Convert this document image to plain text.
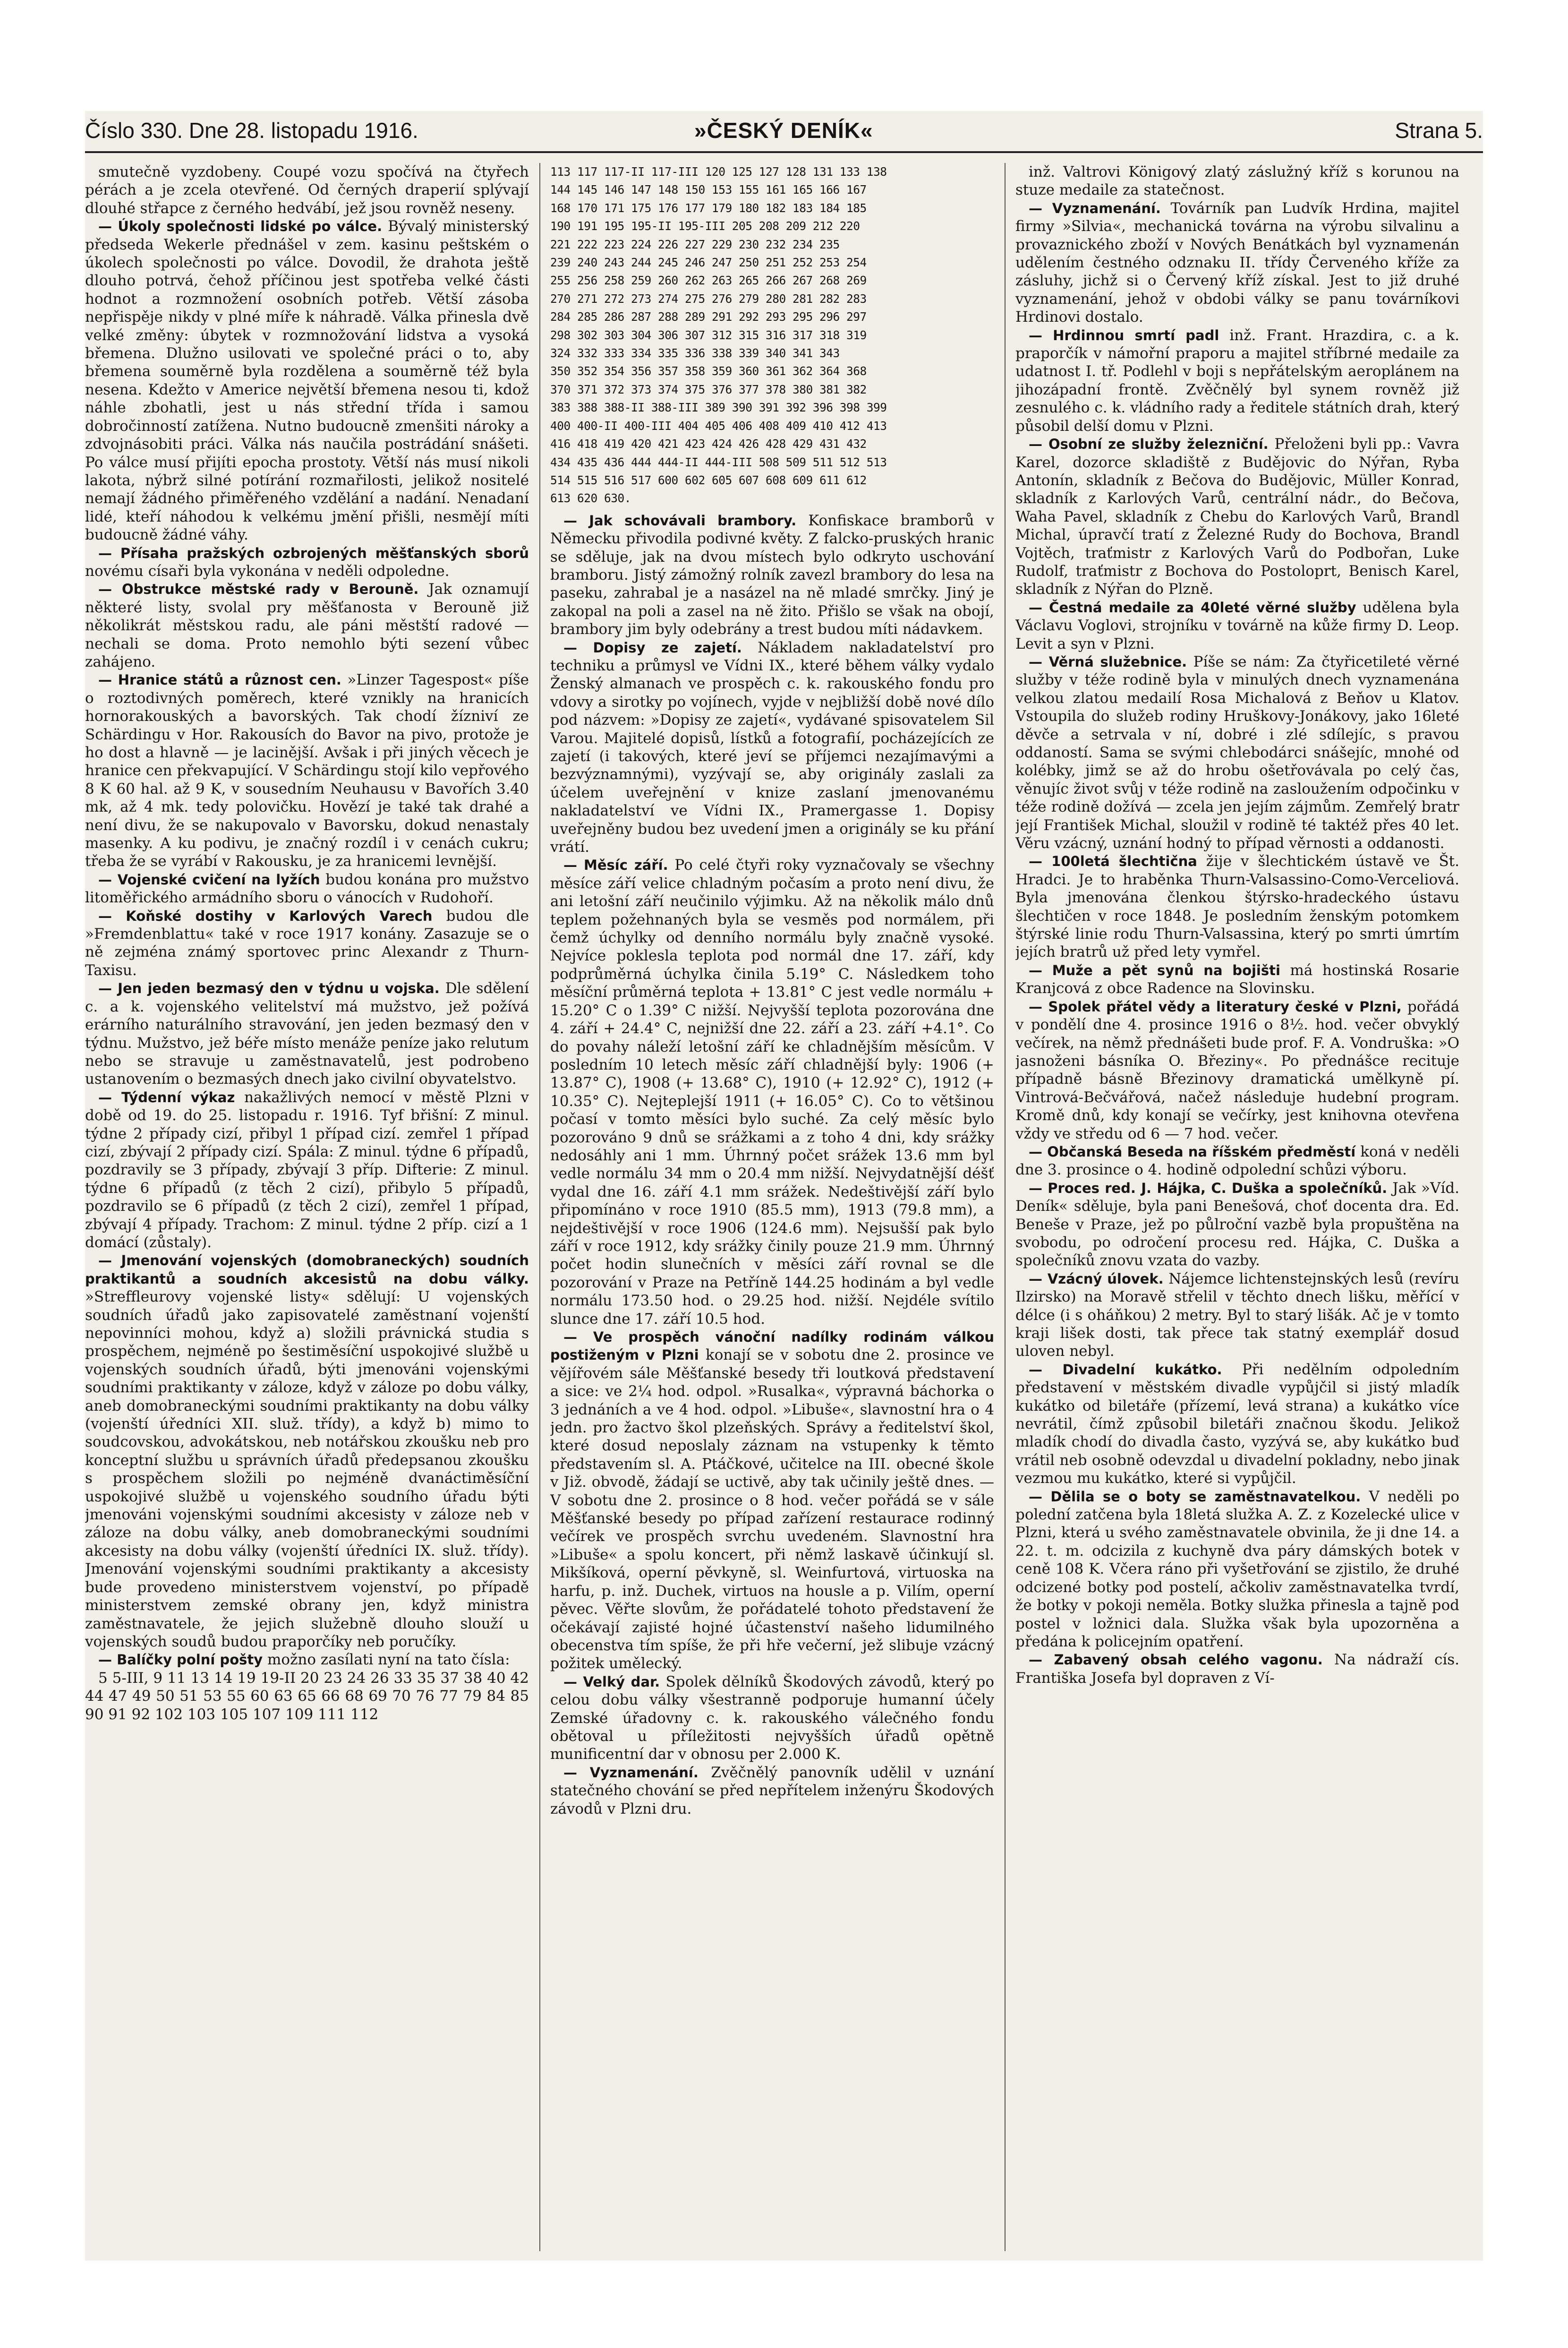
Číslo 330. Dne 28. listopadu 1916.	»ČESKÝ DENÍK«	Strana 5.

smutečně vyzdobeny. Coupé vozu spočívá na čtyřech pérách a je zcela otevřené. Od černých draperií splývají dlouhé střapce z černého hedvábí, jež jsou rovněž neseny.

— Úkoly společnosti lidské po válce. Bývalý ministerský předseda Wekerle přednášel v zem. kasinu peštském o úkolech společnosti po válce. Dovodil, že drahota ještě dlouho potrvá, čehož příčinou jest spotřeba velké části hodnot a rozmnožení osobních potřeb. Větší zásoba nepřispěje nikdy v plné míře k náhradě. Válka přinesla dvě velké změny: úbytek v rozmnožování lidstva a vysoká břemena. Dlužno usilovati ve společné práci o to, aby břemena souměrně byla rozdělena a souměrně též byla nesena. Kdežto v Americe největší břemena nesou ti, kdož náhle zbohatli, jest u nás střední třída i samou dobročinností zatížena. Nutno budoucně zmenšiti nároky a zdvojnásobiti práci. Válka nás naučila postrádání snášeti. Po válce musí přijíti epocha prostoty. Větší nás musí nikoli lakota, nýbrž silné potírání rozmařilosti, jelikož nositelé nemají žádného přiměřeného vzdělání a nadání. Nenadaní lidé, kteří náhodou k velkému jmění přišli, nesmějí míti budoucně žádné váhy.

— Přísaha pražských ozbrojených měšťanských sborů novému císaři byla vykonána v neděli odpoledne.

— Obstrukce městské rady v Berouně. Jak oznamují některé listy, svolal pry měšťanosta v Berouně již několikrát městskou radu, ale páni městští radové — nechali se doma. Proto nemohlo býti sezení vůbec zahájeno.

— Hranice států a různost cen. »Linzer Tagespost« píše o roztodivných poměrech, které vznikly na hranicích hornorakouských a bavorských. Tak chodí žízniví ze Schärdingu v Hor. Rakousích do Bavor na pivo, protože je ho dost a hlavně — je lacinější. Avšak i při jiných věcech je hranice cen překvapující. V Schärdingu stojí kilo vepřového 8 K 60 hal. až 9 K, v sousedním Neuhausu v Bavořích 3.40 mk, až 4 mk. tedy polovičku. Hovězí je také tak drahé a není divu, že se nakupovalo v Bavorsku, dokud nenastaly masenky. A ku podivu, je značný rozdíl i v cenách cukru; třeba že se vyrábí v Rakousku, je za hranicemi levnější.

— Vojenské cvičení na lyžích budou konána pro mužstvo litoměřického armádního sboru o vánocích v Rudohoří.

— Koňské dostihy v Karlových Varech budou dle »Fremdenblattu« také v roce 1917 konány. Zasazuje se o ně zejména známý sportovec princ Alexandr z Thurn-Taxisu.

— Jen jeden bezmasý den v týdnu u vojska. Dle sdělení c. a k. vojenského velitelství má mužstvo, jež požívá erárního naturálního stravování, jen jeden bezmasý den v týdnu. Mužstvo, jež béře místo menáže peníze jako relutum nebo se stravuje u zaměstnavatelů, jest podrobeno ustanovením o bezmasých dnech jako civilní obyvatelstvo.

— Týdenní výkaz nakažlivých nemocí v městě Plzni v době od 19. do 25. listopadu r. 1916. Tyf břišní: Z minul. týdne 2 případy cizí, přibyl 1 případ cizí. zemřel 1 případ cizí, zbývají 2 případy cizí. Spála: Z minul. týdne 6 případů, pozdravily se 3 případy, zbývají 3 příp. Difterie: Z minul. týdne 6 případů (z těch 2 cizí), přibylo 5 případů, pozdravilo se 6 případů (z těch 2 cizí), zemřel 1 případ, zbývají 4 případy. Trachom: Z minul. týdne 2 příp. cizí a 1 domácí (zůstaly).

— Jmenování vojenských (domobraneckých) soudních praktikantů a soudních akcesistů na dobu války. »Streffleurovy vojenské listy« sdělují: U vojenských soudních úřadů jako zapisovatelé zaměstnaní vojenští nepovinníci mohou, když a) složili právnická studia s prospěchem, nejméně po šestiměsíční uspokojivé službě u vojenských soudních úřadů, býti jmenováni vojenskými soudními praktikanty v záloze, když v záloze po dobu války, aneb domobraneckými soudními praktikanty na dobu války (vojenští úředníci XII. služ. třídy), a když b) mimo to soudcovskou, advokátskou, neb notářskou zkoušku neb pro konceptní službu u správních úřadů předepsanou zkoušku s prospěchem složili po nejméně dvanáctiměsíční uspokojivé službě u vojenského soudního úřadu býti jmenováni vojenskými soudními akcesisty v záloze neb v záloze na dobu války, aneb domobraneckými soudními akcesisty na dobu války (vojenští úředníci IX. služ. třídy). Jmenování vojenskými soudními praktikanty a akcesisty bude provedeno ministerstvem vojenství, po případě ministerstvem zemské obrany jen, když ministra zaměstnavatele, že jejich služebně dlouho slouží u vojenských soudů budou praporčíky neb poručíky.

— Balíčky polní pošty možno zasílati nyní na tato čísla:

5 5-III, 9 11 13 14 19 19-II 20 23 24 26 33 35 37 38 40 42 44 47 49 50 51 53 55 60 63 65 66 68 69 70 76 77 79 84 85 90 91 92 102 103 105 107 109 111 112

113 117 117-II 117-III 120 125 127 128 131 133 138
144 145 146 147 148 150 153 155 161 165 166 167
168 170 171 175 176 177 179 180 182 183 184 185
190 191 195 195-II 195-III 205 208 209 212 220
221 222 223 224 226 227 229 230 232 234 235
239 240 243 244 245 246 247 250 251 252 253 254
255 256 258 259 260 262 263 265 266 267 268 269
270 271 272 273 274 275 276 279 280 281 282 283
284 285 286 287 288 289 291 292 293 295 296 297
298 302 303 304 306 307 312 315 316 317 318 319
324 332 333 334 335 336 338 339 340 341 343
350 352 354 356 357 358 359 360 361 362 364 368
370 371 372 373 374 375 376 377 378 380 381 382
383 388 388-II 388-III 389 390 391 392 396 398 399
400 400-II 400-III 404 405 406 408 409 410 412 413
416 418 419 420 421 423 424 426 428 429 431 432
434 435 436 444 444-II 444-III 508 509 511 512 513
514 515 516 517 600 602 605 607 608 609 611 612
613 620 630.

— Jak schovávali brambory. Konfiskace bramborů v Německu přivodila podivné květy. Z falcko-pruských hranic se sděluje, jak na dvou místech bylo odkryto uschování bramboru. Jistý zámožný rolník zavezl brambory do lesa na paseku, zahrabal je a nasázel na ně mladé smrčky. Jiný je zakopal na poli a zasel na ně žito. Přišlo se však na obojí, brambory jim byly odebrány a trest budou míti nádavkem.

— Dopisy ze zajetí. Nákladem nakladatelství pro techniku a průmysl ve Vídni IX., které během války vydalo Ženský almanach ve prospěch c. k. rakouského fondu pro vdovy a sirotky po vojínech, vyjde v nejbližší době nové dílo pod názvem: »Dopisy ze zajetí«, vydávané spisovatelem Sil Varou. Majitelé dopisů, lístků a fotografií, pocházejících ze zajetí (i takových, které jeví se příjemci nezajímavými a bezvýznamnými), vyzývají se, aby originály zaslali za účelem uveřejnění v knize zaslaní jmenovanému nakladatelství ve Vídni IX., Pramergasse 1. Dopisy uveřejněny budou bez uvedení jmen a originály se ku přání vrátí.

— Měsíc září. Po celé čtyři roky vyznačovaly se všechny měsíce září velice chladným počasím a proto není divu, že ani letošní září neučinilo výjimku. Až na několik málo dnů teplem požehnaných byla se vesměs pod normálem, při čemž úchylky od denního normálu byly značně vysoké. Nejvíce poklesla teplota pod normál dne 17. září, kdy podprůměrná úchylka činila 5.19° C. Následkem toho měsíční průměrná teplota + 13.81° C jest vedle normálu + 15.20° C o 1.39° C nižší. Nejvyšší teplota pozorována dne 4. září + 24.4° C, nejnižší dne 22. září a 23. září +4.1°. Co do povahy náleží letošní září ke chladnějším měsícům. V posledním 10 letech měsíc září chladnější byly: 1906 (+ 13.87° C), 1908 (+ 13.68° C), 1910 (+ 12.92° C), 1912 (+ 10.35° C). Nejteplejší 1911 (+ 16.05° C). Co to většinou počasí v tomto měsíci bylo suché. Za celý měsíc bylo pozorováno 9 dnů se srážkami a z toho 4 dni, kdy srážky nedosáhly ani 1 mm. Úhrnný počet srážek 13.6 mm byl vedle normálu 34 mm o 20.4 mm nižší. Nejvydatnější déšť vydal dne 16. září 4.1 mm srážek. Nedeštivější září bylo připomínáno v roce 1910 (85.5 mm), 1913 (79.8 mm), a nejdeštivější v roce 1906 (124.6 mm). Nejsušší pak bylo září v roce 1912, kdy srážky činily pouze 21.9 mm. Úhrnný počet hodin slunečních v měsíci září rovnal se dle pozorování v Praze na Petříně 144.25 hodinám a byl vedle normálu 173.50 hod. o 29.25 hod. nižší. Nejdéle svítilo slunce dne 17. září 10.5 hod.

— Ve prospěch vánoční nadílky rodinám válkou postiženým v Plzni konají se v sobotu dne 2. prosince ve vějířovém sále Měšťanské besedy tři loutková představení a sice: ve 2¼ hod. odpol. »Rusalka«, výpravná báchorka o 3 jednáních a ve 4 hod. odpol. »Libuše«, slavnostní hra o 4 jedn. pro žactvo škol plzeňských. Správy a ředitelství škol, které dosud neposlaly záznam na vstupenky k těmto představením sl. A. Ptáčkové, učitelce na III. obecné škole v Již. obvodě, žádají se uctivě, aby tak učinily ještě dnes. — V sobotu dne 2. prosince o 8 hod. večer pořádá se v sále Měšťanské besedy po případ zařízení restaurace rodinný večírek ve prospěch svrchu uvedeném. Slavnostní hra »Libuše« a spolu koncert, při němž laskavě účinkují sl. Mikšíková, operní pěvkyně, sl. Weinfurtová, virtuoska na harfu, p. inž. Duchek, virtuos na housle a p. Vilím, operní pěvec. Věřte slovům, že pořádatelé tohoto představení že očekávají zajisté hojné účastenství našeho lidumilného obecenstva tím spíše, že při hře večerní, jež slibuje vzácný požitek umělecký.

— Velký dar. Spolek dělníků Škodových závodů, který po celou dobu války všestranně podporuje humanní účely Zemské úřadovny c. k. rakouského válečného fondu obětoval u příležitosti nejvyšších úřadů opětně munificentní dar v obnosu per 2.000 K.

— Vyznamenání. Zvěčnělý panovník udělil v uznání statečného chování se před nepřítelem inženýru Škodových závodů v Plzni dru.

inž. Valtrovi Königový zlatý záslužný kříž s korunou na stuze medaile za statečnost.

— Vyznamenání. Továrník pan Ludvík Hrdina, majitel firmy »Silvia«, mechanická továrna na výrobu silvalinu a provaznického zboží v Nových Benátkách byl vyznamenán udělením čestného odznaku II. třídy Červeného kříže za zásluhy, jichž si o Červený kříž získal. Jest to již druhé vyznamenání, jehož v obdobi války se panu továrníkovi Hrdinovi dostalo.

— Hrdinnou smrtí padl inž. Frant. Hrazdira, c. a k. praporčík v námořní praporu a majitel stříbrné medaile za udatnost I. tř. Podlehl v boji s nepřátelským aeroplánem na jihozápadní frontě. Zvěčnělý byl synem rovněž již zesnulého c. k. vládního rady a ředitele státních drah, který působil delší domu v Plzni.

— Osobní ze služby železniční. Přeloženi byli pp.: Vavra Karel, dozorce skladiště z Budějovic do Nýřan, Ryba Antonín, skladník z Bečova do Budějovic, Müller Konrad, skladník z Karlových Varů, centrální nádr., do Bečova, Waha Pavel, skladník z Chebu do Karlových Varů, Brandl Michal, úpravčí tratí z Železné Rudy do Bochova, Brandl Vojtěch, traťmistr z Karlových Varů do Podbořan, Luke Rudolf, traťmistr z Bochova do Postoloprt, Benisch Karel, skladník z Nýřan do Plzně.

— Čestná medaile za 40leté věrné služby udělena byla Václavu Voglovi, strojníku v továrně na kůže firmy D. Leop. Levit a syn v Plzni.

— Věrná služebnice. Píše se nám: Za čtyřicetileté věrné služby v téže rodině byla v minulých dnech vyznamenána velkou zlatou medailí Rosa Michalová z Beňov u Klatov. Vstoupila do služeb rodiny Hruškovy-Jonákovy, jako 16leté děvče a setrvala v ní, dobré i zlé sdílejíc, s pravou oddaností. Sama se svými chlebodárci snášejíc, mnohé od kolébky, jimž se až do hrobu ošetřovávala po celý čas, věnujíc život svůj v téže rodině na zasloužením odpočinku v téže rodině dožívá — zcela jen jejím zájmům. Zemřelý bratr její František Michal, sloužil v rodině té taktéž přes 40 let. Věru vzácný, uznání hodný to případ věrnosti a oddanosti.

— 100letá šlechtična žije v šlechtickém ústavě ve Št. Hradci. Je to hraběnka Thurn-Valsassino-Como-Verceliová. Byla jmenována členkou štýrsko-hradeckého ústavu šlechtičen v roce 1848. Je posledním ženským potomkem štýrské linie rodu Thurn-Valsassina, který po smrti úmrtím jejích bratrů už před lety vymřel.

— Muže a pět synů na bojišti má hostinská Rosarie Kranjcová z obce Radence na Slovinsku.

— Spolek přátel vědy a literatury české v Plzni, pořádá v pondělí dne 4. prosince 1916 o 8½. hod. večer obvyklý večírek, na němž přednášeti bude prof. F. A. Vondruška: »O jasnoženi básníka O. Březiny«. Po přednášce recituje případně básně Březinovy dramatická umělkyně pí. Vintrová-Bečvářová, načež následuje hudební program. Kromě dnů, kdy konají se večírky, jest knihovna otevřena vždy ve středu od 6 — 7 hod. večer.

— Občanská Beseda na říšském předměstí koná v neděli dne 3. prosince o 4. hodině odpolední schůzi výboru.

— Proces red. J. Hájka, C. Duška a společníků. Jak »Víd. Deník« sděluje, byla pani Benešová, choť docenta dra. Ed. Beneše v Praze, jež po půlroční vazbě byla propuštěna na svobodu, po odročení procesu red. Hájka, C. Duška a společníků znovu vzata do vazby.

— Vzácný úlovek. Nájemce lichtenstejnských lesů (revíru Ilzirsko) na Moravě střelil v těchto dnech lišku, měřící v délce (i s oháňkou) 2 metry. Byl to starý lišák. Ač je v tomto kraji lišek dosti, tak přece tak statný exemplář dosud uloven nebyl.

— Divadelní kukátko. Při nedělním odpoledním představení v městském divadle vypůjčil si jistý mladík kukátko od biletáře (přízemí, levá strana) a kukátko více nevrátil, čímž způsobil biletáři značnou škodu. Jelikož mladík chodí do divadla často, vyzývá se, aby kukátko buď vrátil neb osobně odevzdal u divadelní pokladny, nebo jinak vezmou mu kukátko, které si vypůjčil.

— Dělila se o boty se zaměstnavatelkou. V neděli po polední zatčena byla 18letá služka A. Z. z Kozelecké ulice v Plzni, která u svého zaměstnavatele obvinila, že ji dne 14. a 22. t. m. odcizila z kuchyně dva páry dámských botek v ceně 108 K. Včera ráno při vyšetřování se zjistilo, že druhé odcizené botky pod postelí, ačkoliv zaměstnavatelka tvrdí, že botky v pokoji neměla. Botky služka přinesla a tajně pod postel v ložnici dala. Služka však byla upozorněna a předána k policejním opatření.

— Zabavený obsah celého vagonu. Na nádraží cís. Františka Josefa byl dopraven z Ví-
